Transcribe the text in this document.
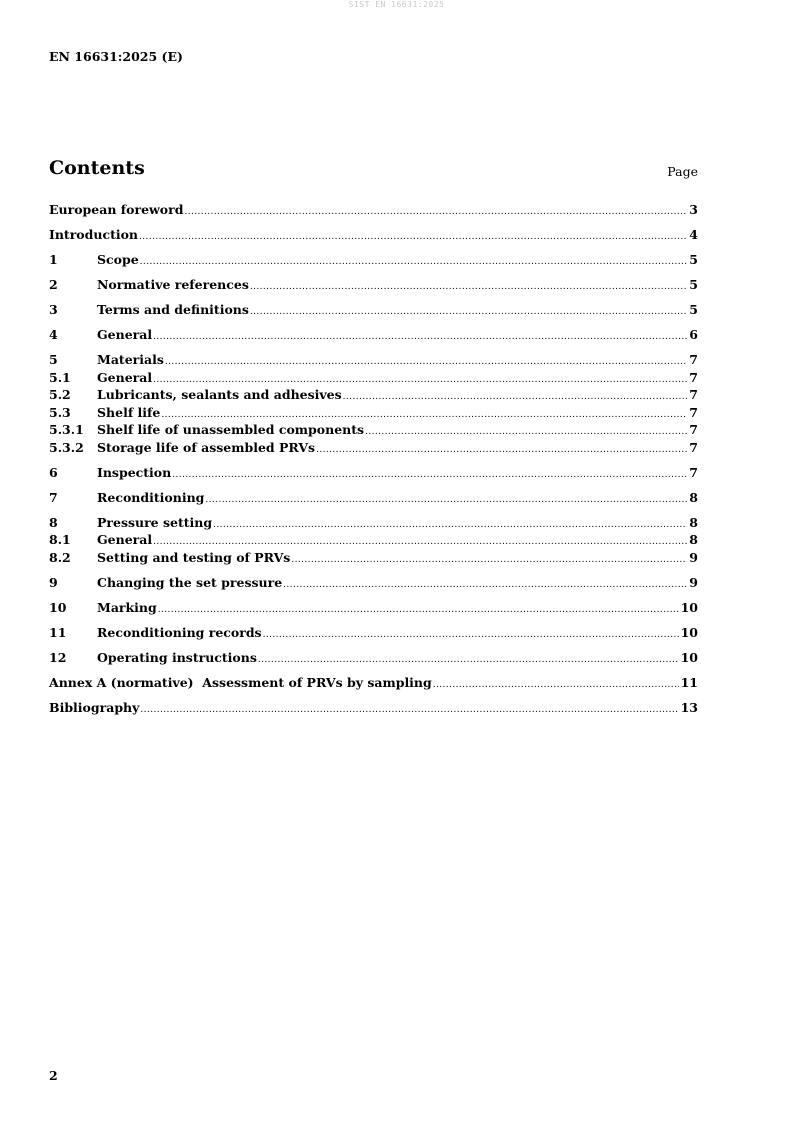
SIST EN 16631:2025
EN 16631:2025 (E)
Contents	Page
European foreword .....	3
Introduction .....	4
1	Scope .....	5
2	Normative references .....	5
3	Terms and definitions .....	5
4	General .....	6
5	Materials .....	7
5.1	General .....	7
5.2	Lubricants, sealants and adhesives .....	7
5.3	Shelf life .....	7
5.3.1	Shelf life of unassembled components .....	7
5.3.2	Storage life of assembled PRVs .....	7
6	Inspection .....	7
7	Reconditioning .....	8
8	Pressure setting .....	8
8.1	General .....	8
8.2	Setting and testing of PRVs .....	9
9	Changing the set pressure .....	9
10	Marking .....	10
11	Reconditioning records .....	10
12	Operating instructions .....	10
Annex A (normative)  Assessment of PRVs by sampling .....	11
Bibliography .....	13
2
